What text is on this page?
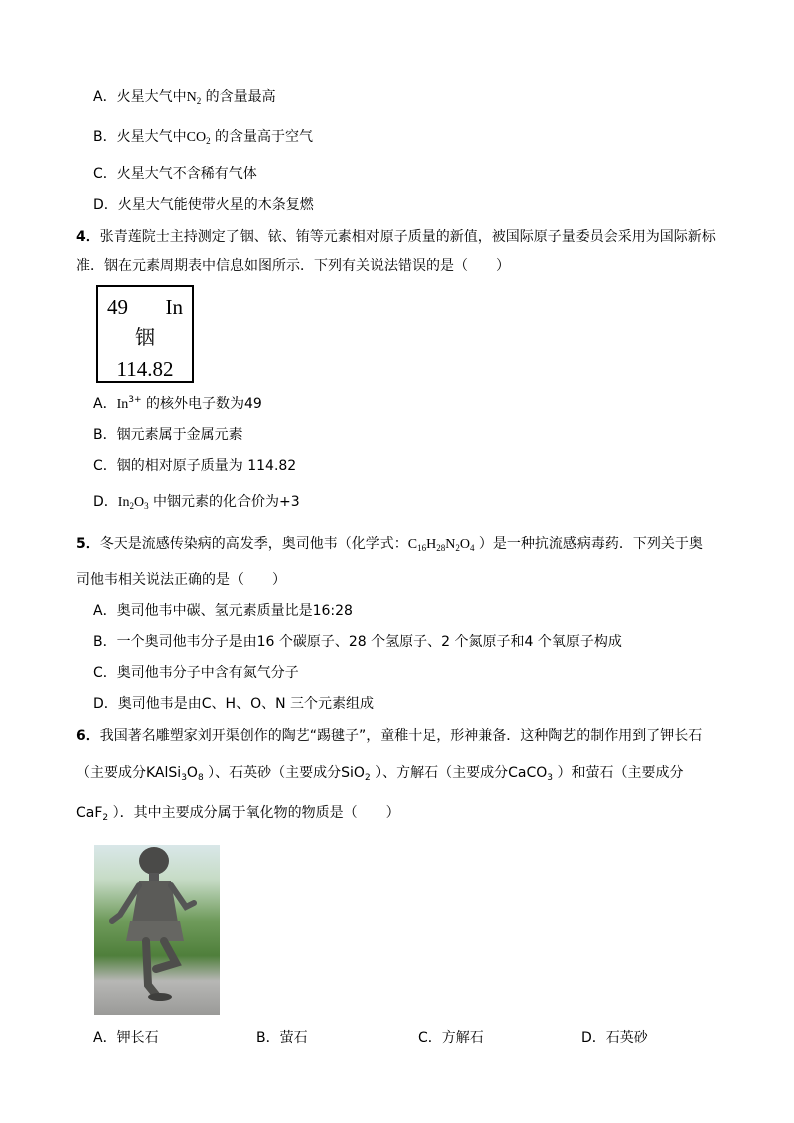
A．火星大气中$N_2$ 的含量最高
B．火星大气中$CO_2$ 的含量高于空气
C．火星大气不含稀有气体
D．火星大气能使带火星的木条复燃
4．张青莲院士主持测定了铟、铱、铕等元素相对原子质量的新值，被国际原子量委员会采用为国际新标
准．铟在元素周期表中信息如图所示．下列有关说法错误的是（　　）
49 In
铟
114.82
A．$In^{3+}$ 的核外电子数为49
B．铟元素属于金属元素
C．铟的相对原子质量为 114.82
D．$In_2O_3$ 中铟元素的化合价为+3
5．冬天是流感传染病的高发季，奥司他韦（化学式：$C_{16}H_{28}N_2O_4$ ）是一种抗流感病毒药．下列关于奥
司他韦相关说法正确的是（　　）
A．奥司他韦中碳、氢元素质量比是16:28
B．一个奥司他韦分子是由16 个碳原子、28 个氢原子、2 个氮原子和4 个氧原子构成
C．奥司他韦分子中含有氮气分子
D．奥司他韦是由C、H、O、N 三个元素组成
6．我国著名雕塑家刘开渠创作的陶艺“踢毽子”，童稚十足，形神兼备．这种陶艺的制作用到了钾长石
（主要成分$KAlSi_3O_8$ ）、石英砂（主要成分SiO$_2$ ）、方解石（主要成分CaCO$_3$ ）和萤石（主要成分
CaF$_2$ ）．其中主要成分属于氧化物的物质是（　　）
A．钾长石	B．萤石	C．方解石	D．石英砂
